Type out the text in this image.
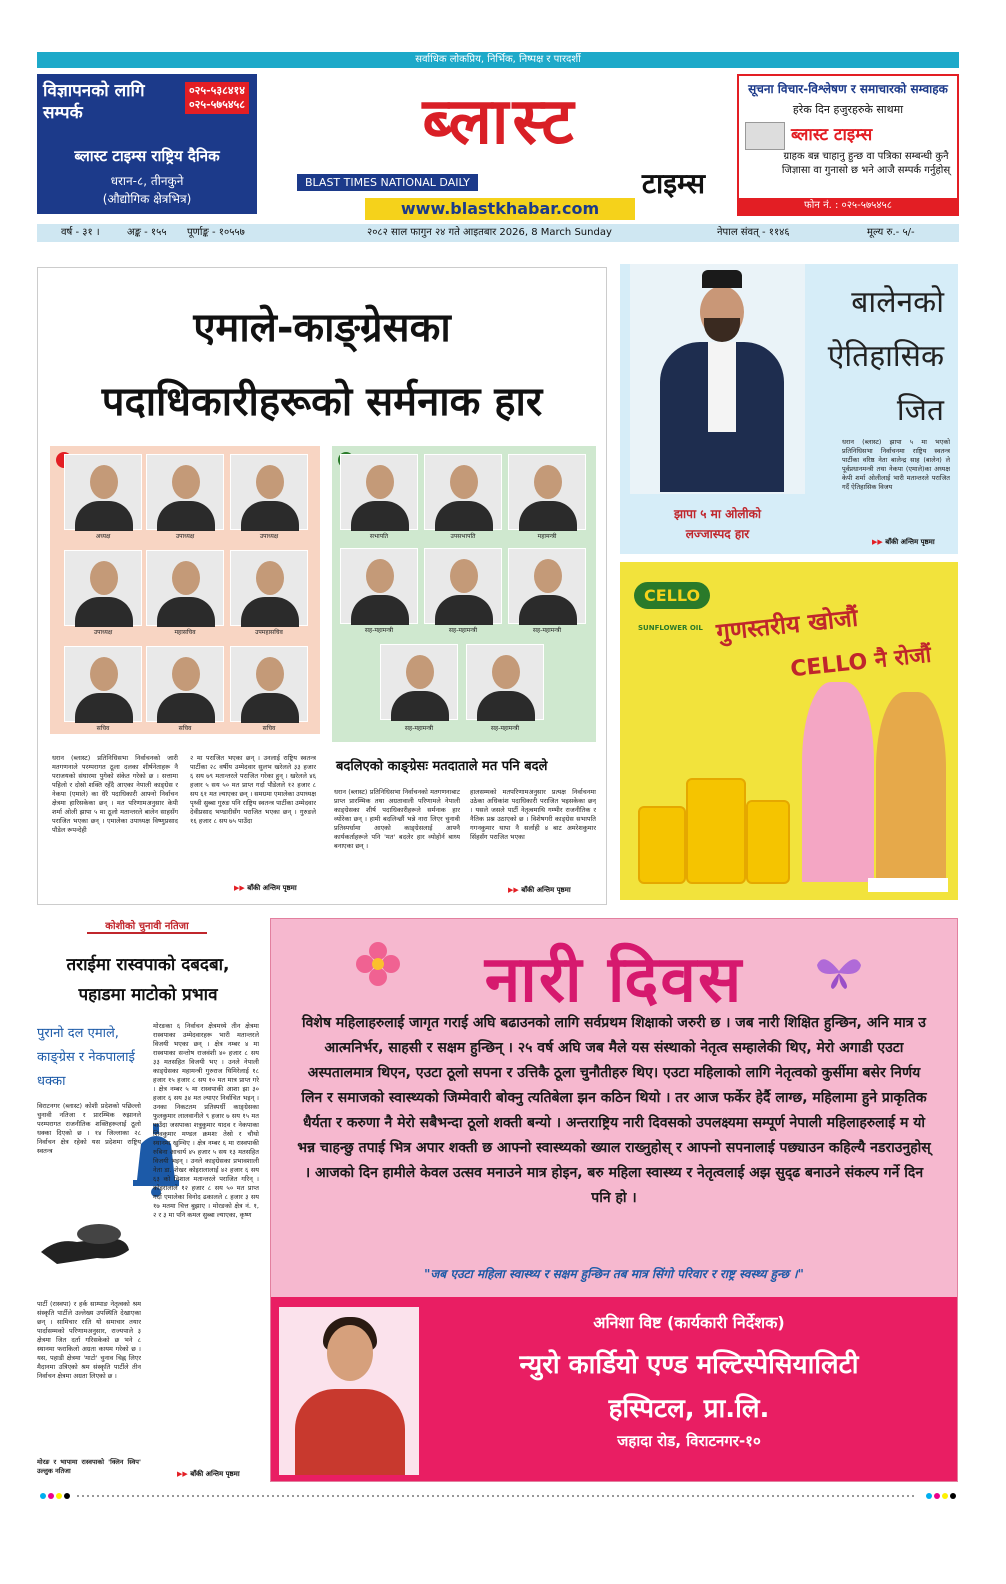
सर्वाधिक लोकप्रिय, निर्भिक, निष्पक्ष र पारदर्शी
विज्ञापनको लागि सम्पर्क
०२५-५३८४१४
०२५-५७५४५८
ब्लास्ट टाइम्स राष्ट्रिय दैनिक
धरान-८, तीनकुने
(औद्योगिक क्षेत्रभित्र)
ब्लास्ट
BLAST TIMES NATIONAL DAILY	टाइम्स
www.blastkhabar.com
सूचना विचार-विश्लेषण र समाचारको सम्वाहक
हरेक दिन हजुरहरुके साथमा
ब्लास्ट टाइम्स
ग्राहक बन्न चाहानु हुन्छ वा पत्रिका सम्बन्धी कुनै जिज्ञासा वा गुनासो छ भने आजै सम्पर्क गर्नुहोस्
फोन नं. : ०२५-५७५४५८
वर्ष - ३१ ।	अङ्क - १५५ पूर्णाङ्क - १०५५७	२०८२ साल फागुन २४ गते आइतबार 2026, 8 March Sunday	नेपाल संवत् - ११४६	मूल्य रु.- ५/-
एमाले-काङ्ग्रेसका
पदाधिकारीहरूको सर्मनाक हार
अध्यक्ष	उपाध्यक्ष	उपाध्यक्ष
उपाध्यक्ष	महासचिव	उपमहासचिव
सचिव	सचिव	सचिव
सभापति	उपसभापति	महामन्त्री
सह-महामन्त्री	सह-महामन्त्री	सह-महामन्त्री
सह-महामन्त्री	सह-महामन्त्री
धरान (ब्लास्ट) प्रतिनिधिसभा निर्वाचनको जारी मतगणनाले परम्परागत ठूला दलका शीर्षनेताहरू नै पराजयको संघारमा पुगेको संकेत गरेको छ । सत्तामा पहिलो र दोस्रो शक्ति रहँदै आएका नेपाली काङ्ग्रेस र नेकपा (एमाले) का धेरै पदाधिकारी आफ्नो निर्वाचन क्षेत्रमा हारिसकेका छन् । मत परिणामअनुसार केपी शर्मा ओली झापा ५ मा ठूलो मतान्तरले बालेन साहसँग पराजित भएका छन् । एमालेका उपाध्यक्ष विष्णुप्रसाद पौडेल रूपन्देही
२ मा पराजित भएका छन् । उनलाई राष्ट्रिय स्वतन्त्र पार्टीका २८ वर्षीय उम्मेदवार सुलभ खरेलले ३३ हजार ६ सय ७९ मतान्तरले पराजित गरेका हुन् । खरेलले ४६ हजार ५ सय ५० मत प्राप्त गर्दा पौडेलले १२ हजार ८ सय ६१ मत ल्याएका छन् । समग्रमा एमालेका उपाध्यक्ष पृथ्वी सुब्बा गुरुङ पनि राष्ट्रिय स्वतन्त्र पार्टीका उम्मेदवार देवीप्रसाद भण्डारीसँग पराजित भएका छन् । गुरुङले १६ हजार ८ सय ७५ पाउँदा
▶▶ बाँकी अन्तिम पृष्ठमा
बदलिएको काङ्ग्रेसः मतदाताले मत पनि बदले
धरान (ब्लास्ट) प्रतिनिधिसभा निर्वाचनको मतगणनाबाट प्राप्त प्रारम्भिक तथा अग्रतावाली परिणामले नेपाली काङ्ग्रेसका शीर्ष पदाधिकारीहरूले सर्मनाक हार व्योरेका छन् । हामी बदलिन्छौं भन्ने नारा लिएर चुनावी प्रतिस्पर्धामा आएको काङ्ग्रेसलाई आफ्नै कार्यकर्ताहरूले पनि 'मत' बदलेर हार व्योहोर्न बाध्य बनाएका छन् ।
हालसम्मको मतपरिणामअनुसार प्रत्यक्ष निर्वाचनमा उठेका अधिकांश पदाधिकारी पराजित भइसकेका छन् । यसले जसले पार्टी नेतृत्वमाथि गम्भीर राजनीतिक र नैतिक प्रश्न उठाएको छ । विशेषगरी काङ्ग्रेस सभापति गगनकुमार थापा नै सर्लाही ४ बाट अमरेशकुमार सिंहसँग पराजित भएका
▶▶ बाँकी अन्तिम पृष्ठमा
बालेनको
ऐतिहासिक
जित
धरान (ब्लास्ट) झापा ५ मा भएको प्रतिनिधिसभा निर्वाचनमा राष्ट्रिय स्वतन्त्र पार्टीका वरिष्ठ नेता बालेन्द्र साह (बालेन) ले पूर्वप्रधानमन्त्री तथा नेकपा (एमाले)का अध्यक्ष केपी शर्मा ओलीलाई भारी मतान्तरले पराजित गर्दै ऐतिहासिक विजय
झापा ५ मा ओलीको
लज्जास्पद हार
▶▶ बाँकी अन्तिम पृष्ठमा
CELLO
SUNFLOWER OIL गुणस्तरीय खोजौं
CELLO नै रोजौं
कोशीको चुनावी नतिजा
तराईमा रास्वपाको दबदबा,
पहाडमा माटोको प्रभाव
पुरानो दल एमाले, काङ्ग्रेस र नेकपालाई धक्का
विराटनगर (ब्लास्ट) कोशी प्रदेशको पछिल्लो चुनावी नतिजा र प्रारम्भिक रुझानले परम्परागत राजनीतिक शक्तिहरूलाई ठूलो धक्का दिएको छ । १४ जिल्लाका २८ निर्वाचन क्षेत्र रहेको यस प्रदेशमा राष्ट्रिय स्वतन्त्र
पार्टी (रास्वपा) र हर्क साम्पाङ नेतृत्वको श्रम संस्कृति पार्टीले उल्लेख्य उपस्थिति देखाएका छन् । सामिचार राति यो समाचार तयार पार्दासम्मको परिणामअनुसार, राज्यपाले ३ क्षेत्रमा जित दर्ता गरिसकेको छ भने ८ स्थानमा फराकिलो अग्रता कायम गरेको छ । यस, पहाडी क्षेत्रमा 'माटो' चुनाव चिह्न लिएर मैदानमा उत्रिएको श्रम संस्कृति पार्टीले तीन निर्वाचन क्षेत्रमा अग्रता लिएको छ ।
मोरङ र भापामा रास्वपाको 'क्लिन स्विप' उल्लुक नतिजा
मोरङका ६ निर्वाचन क्षेत्रमध्ये तीन क्षेत्रमा रास्वपाका उम्मेदवारहरू भारी मतान्तरले विजयी भएका छन् । क्षेत्र नम्बर ४ मा रास्वपाका सन्तोष राजवंशी ४० हजार ८ सय ३३ मतसहित विजयी भए । उनले नेपाली काङ्ग्रेसका महामन्त्री गुरुराज घिमिरेलाई १८ हजार १५ हजार ८ सय १० मत मात्र प्राप्त गरे । क्षेत्र नम्बर ५ मा रास्वपाकी आशा झा ३० हजार ६ सय ३४ मत ल्याएर निर्वाचित भइन् । उनका निकटतम प्रतिस्पर्धी काङ्ग्रेसका फुलकुमार लालवानीले ९ हजार ७ सय १५ मत पाउँदा जसपाका शत्रुकुमार यादव र नेकपाका शिवकुमार मण्डल क्रमशः तेस्रो र चौथो स्थानमा खुम्चिए । क्षेत्र नम्बर ६ मा रास्वपाकी रुबिना आचार्य ४५ हजार ५ सय १३ मतसहित विजयी भइन् । उनले काङ्ग्रेसका प्रभावशाली नेता डा. शेखर कोइरालालाई ४२ हजार ६ सय ६३ को विशाल मतान्तरले पराजित गरिन् । कोइरालाले १२ हजार ८ सय ५० मत प्राप्त गर्दा एमालेका विनोद ढकालले ८ हजार ३ सय १७ मतमा चित्त बुझाए । मोरङको क्षेत्र नं. १, २ र ३ मा पनि कमल सुब्बा ल्याएका, कृष्ण
▶▶ बाँकी अन्तिम पृष्ठमा
नारी दिवस
विशेष महिलाहरुलाई जागृत गराई अघि बढाउनको लागि सर्वप्रथम शिक्षाको जरुरी छ । जब नारी शिक्षित हुन्छिन, अनि मात्र उ आत्मनिर्भर, साहसी र सक्षम हुन्छिन् । २५ वर्ष अघि जब मैले यस संस्थाको नेतृत्व सम्हालेकी थिए, मेरो अगाडी एउटा अस्पतालमात्र थिएन, एउटा ठूलो सपना र उत्तिकै ठूला चुनौतीहरु थिए। एउटा महिलाको लागि नेतृत्वको कुर्सीमा बसेर निर्णय लिन र समाजको स्वास्थ्यको जिम्मेवारी बोक्नु त्यतिबेला झन कठिन थियो । तर आज फर्केर हेर्दै लाग्छ, महिलामा हुने प्राकृतिक धैर्यता र करुणा नै मेरो सबैभन्दा ठूलो शक्ती बन्यो । अन्तराष्ट्रिय नारी दिवसको उपलक्ष्यमा सम्पूर्ण नेपाली महिलाहरुलाई म यो भन्न चाहन्छु तपाई भित्र अपार शक्ती छ आफ्नो स्वास्थ्यको ख्याल राख्नुहोस् र आफ्नो सपनालाई पछ्याउन कहिल्यै नडराउनुहोस् । आजको दिन हामीले केवल उत्सव मनाउने मात्र होइन, बरु महिला स्वास्थ्य र नेतृत्वलाई अझ सुद्ढ बनाउने संकल्प गर्ने दिन पनि हो ।
"जब एउटा महिला स्वास्थ्य र सक्षम हुन्छिन तब मात्र सिंगो परिवार र राष्ट्र स्वस्थ्य हुन्छ ।"
अनिशा विष्ट (कार्यकारी निर्देशक)
न्युरो कार्डियो एण्ड मल्टिस्पेसियालिटी
हस्पिटल, प्रा.लि.
जहादा रोड, विराटनगर-१०
